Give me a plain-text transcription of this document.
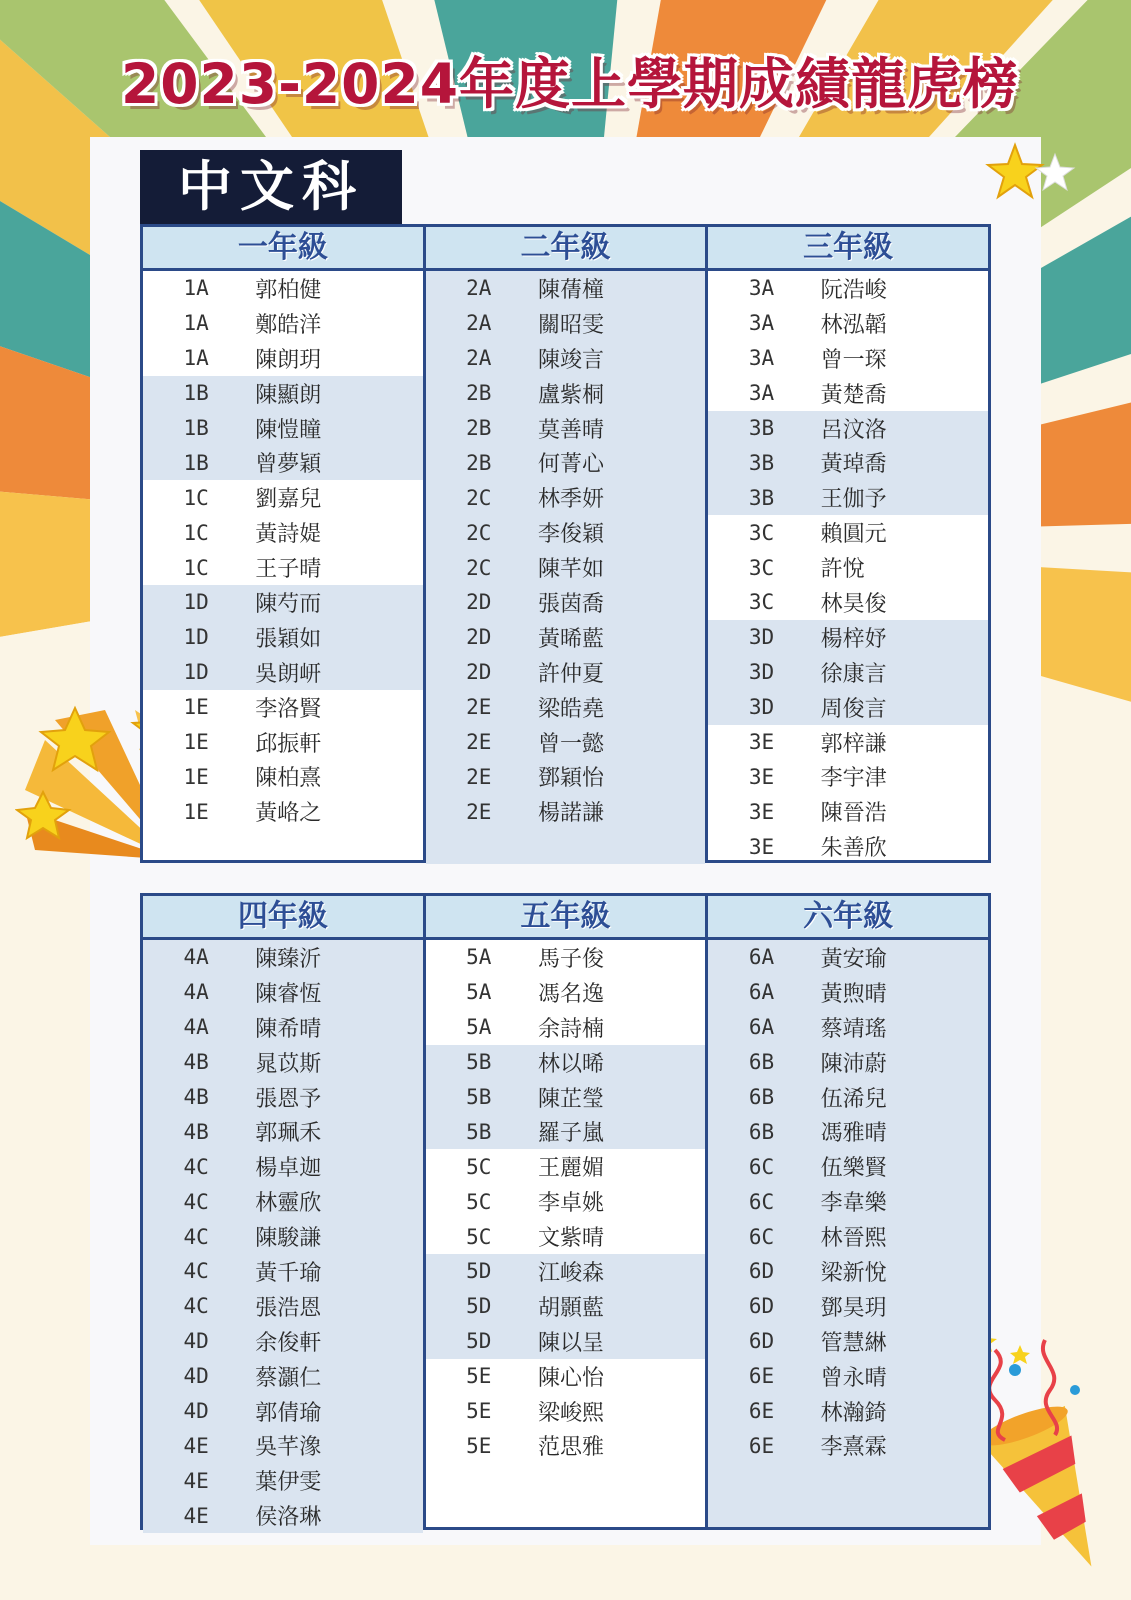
2023-2024年度上學期成績龍虎榜
中文科
一年級
1A	郭柏健
1A	鄭皓洋
1A	陳朗玥
1B	陳顯朗
1B	陳愷瞳
1B	曾夢穎
1C	劉嘉兒
1C	黃詩媞
1C	王子晴
1D	陳芍而
1D	張穎如
1D	吳朗岍
1E	李洛賢
1E	邱振軒
1E	陳柏熹
1E	黃峈之
二年級
2A	陳蒨橦
2A	關昭雯
2A	陳竣言
2B	盧紫桐
2B	莫善晴
2B	何菁心
2C	林季妍
2C	李俊穎
2C	陳芊如
2D	張茵喬
2D	黃晞藍
2D	許仲夏
2E	梁皓堯
2E	曾一懿
2E	鄧穎怡
2E	楊諾謙
三年級
3A	阮浩峻
3A	林泓韜
3A	曾一琛
3A	黃楚喬
3B	呂汶洛
3B	黃琸喬
3B	王伽予
3C	賴圓元
3C	許悅
3C	林昊俊
3D	楊梓妤
3D	徐康言
3D	周俊言
3E	郭梓謙
3E	李宇津
3E	陳晉浩
3E	朱善欣
四年級
4A	陳臻沂
4A	陳睿恆
4A	陳希晴
4B	晁苡斯
4B	張恩予
4B	郭珮禾
4C	楊卓迦
4C	林靈欣
4C	陳駿謙
4C	黃千瑜
4C	張浩恩
4D	余俊軒
4D	蔡灝仁
4D	郭倩瑜
4E	吳芊潒
4E	葉伊雯
4E	侯洛琳
五年級
5A	馬子俊
5A	馮名逸
5A	余詩楠
5B	林以晞
5B	陳芷瑩
5B	羅子嵐
5C	王麗媚
5C	李卓姚
5C	文紫晴
5D	江峻森
5D	胡顥藍
5D	陳以呈
5E	陳心怡
5E	梁峻熙
5E	范思雅
六年級
6A	黃安瑜
6A	黃煦晴
6A	蔡靖瑤
6B	陳沛蔚
6B	伍浠兒
6B	馮雅晴
6C	伍樂賢
6C	李韋樂
6C	林晉熙
6D	梁新悅
6D	鄧昊玥
6D	管慧綝
6E	曾永晴
6E	林瀚錡
6E	李熹霖
